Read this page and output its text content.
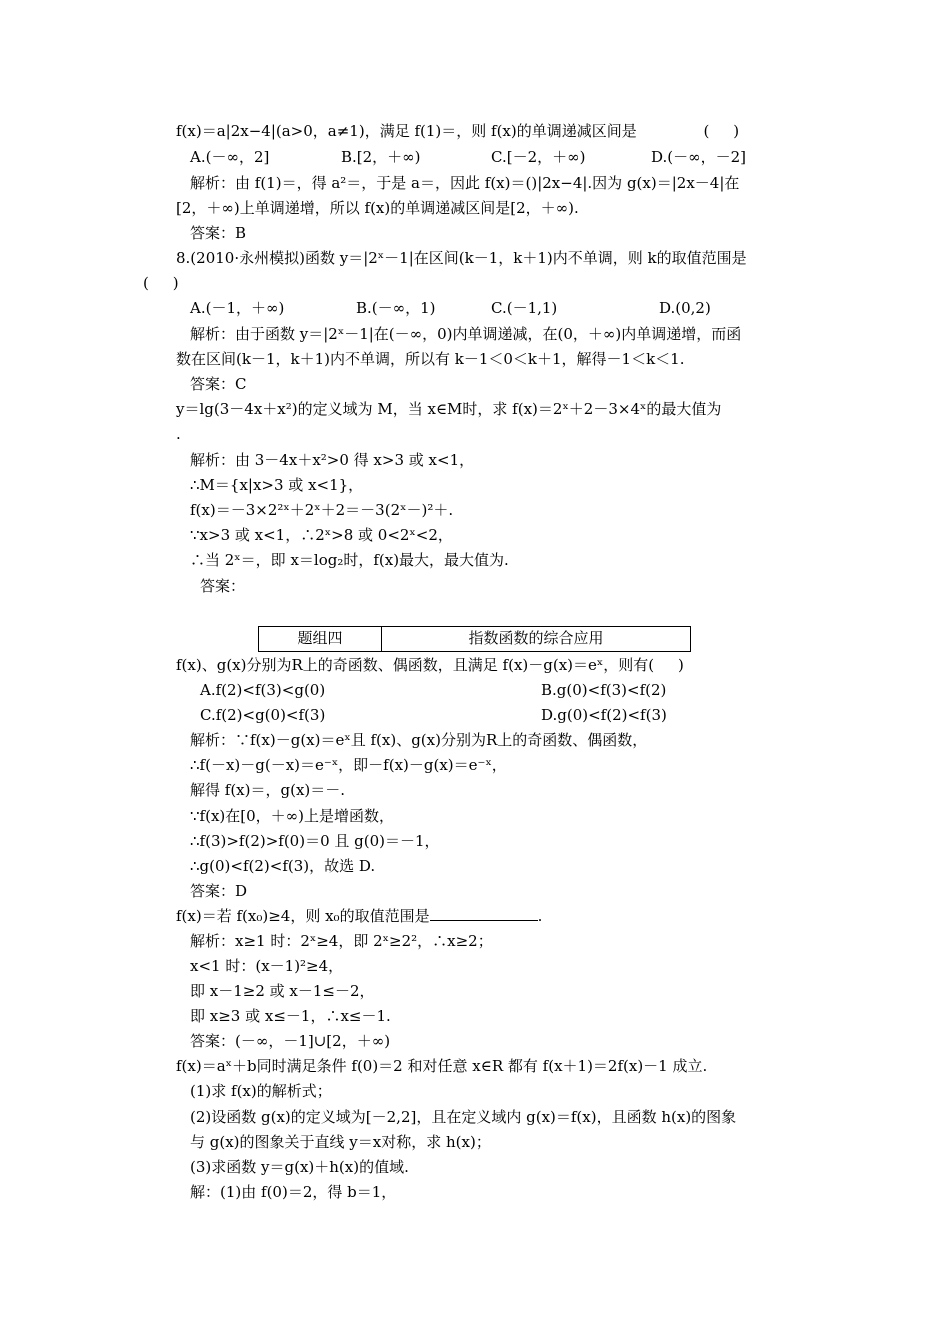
f(x)＝a|2x−4|(a>0，a≠1)，满足 f(1)＝，则 f(x)的单调递减区间是              (     )
A.(－∞，2]	B.[2，＋∞)	C.[－2，＋∞)	D.(－∞，－2]
解析：由 f(1)＝，得 a²＝，于是 a＝，因此 f(x)＝()|2x−4|.因为 g(x)＝|2x－4|在
[2，＋∞)上单调递增，所以 f(x)的单调递减区间是[2，＋∞).
答案：B
8.(2010·永州模拟)函数 y＝|2ˣ－1|在区间(k－1，k＋1)内不单调，则 k的取值范围是
(     )
A.(－1，＋∞)	B.(－∞，1)	C.(－1,1)	D.(0,2)
解析：由于函数 y＝|2ˣ－1|在(－∞，0)内单调递减，在(0，＋∞)内单调递增，而函
数在区间(k－1，k＋1)内不单调，所以有 k－1＜0＜k＋1，解得－1＜k＜1.
答案：C
y＝lg(3－4x＋x²)的定义域为 M，当 x∈M时，求 f(x)＝2ˣ＋2－3×4ˣ的最大值为
.
解析：由 3－4x＋x²>0 得 x>3 或 x<1，
∴M＝{x|x>3 或 x<1}，
f(x)＝－3×2²ˣ＋2ˣ＋2＝－3(2ˣ－)²＋.
∵x>3 或 x<1，∴2ˣ>8 或 0<2ˣ<2，
∴当 2ˣ＝，即 x＝log₂时，f(x)最大，最大值为.
答案：
题组四	指数函数的综合应用
f(x)、g(x)分别为R上的奇函数、偶函数，且满足 f(x)－g(x)＝eˣ，则有(     )
A.f(2)<f(3)<g(0)	B.g(0)<f(3)<f(2)
C.f(2)<g(0)<f(3)	D.g(0)<f(2)<f(3)
解析：∵f(x)－g(x)＝eˣ且 f(x)、g(x)分别为R上的奇函数、偶函数，
∴f(－x)－g(－x)＝e⁻ˣ，即－f(x)－g(x)＝e⁻ˣ，
解得 f(x)＝，g(x)＝－.
∵f(x)在[0，＋∞)上是增函数，
∴f(3)>f(2)>f(0)＝0 且 g(0)＝－1，
∴g(0)<f(2)<f(3)，故选 D.
答案：D
f(x)＝若 f(x₀)≥4，则 x₀的取值范围是	.
解析：x≥1 时：2ˣ≥4，即 2ˣ≥2²，∴x≥2；
x<1 时：(x－1)²≥4，
即 x－1≥2 或 x－1≤－2，
即 x≥3 或 x≤－1，∴x≤－1.
答案：(－∞，－1]∪[2，＋∞)
f(x)＝aˣ＋b同时满足条件 f(0)＝2 和对任意 x∈R 都有 f(x＋1)＝2f(x)－1 成立.
(1)求 f(x)的解析式；
(2)设函数 g(x)的定义域为[－2,2]，且在定义域内 g(x)＝f(x)，且函数 h(x)的图象
与 g(x)的图象关于直线 y＝x对称，求 h(x)；
(3)求函数 y＝g(x)＋h(x)的值域.
解：(1)由 f(0)＝2，得 b＝1，
